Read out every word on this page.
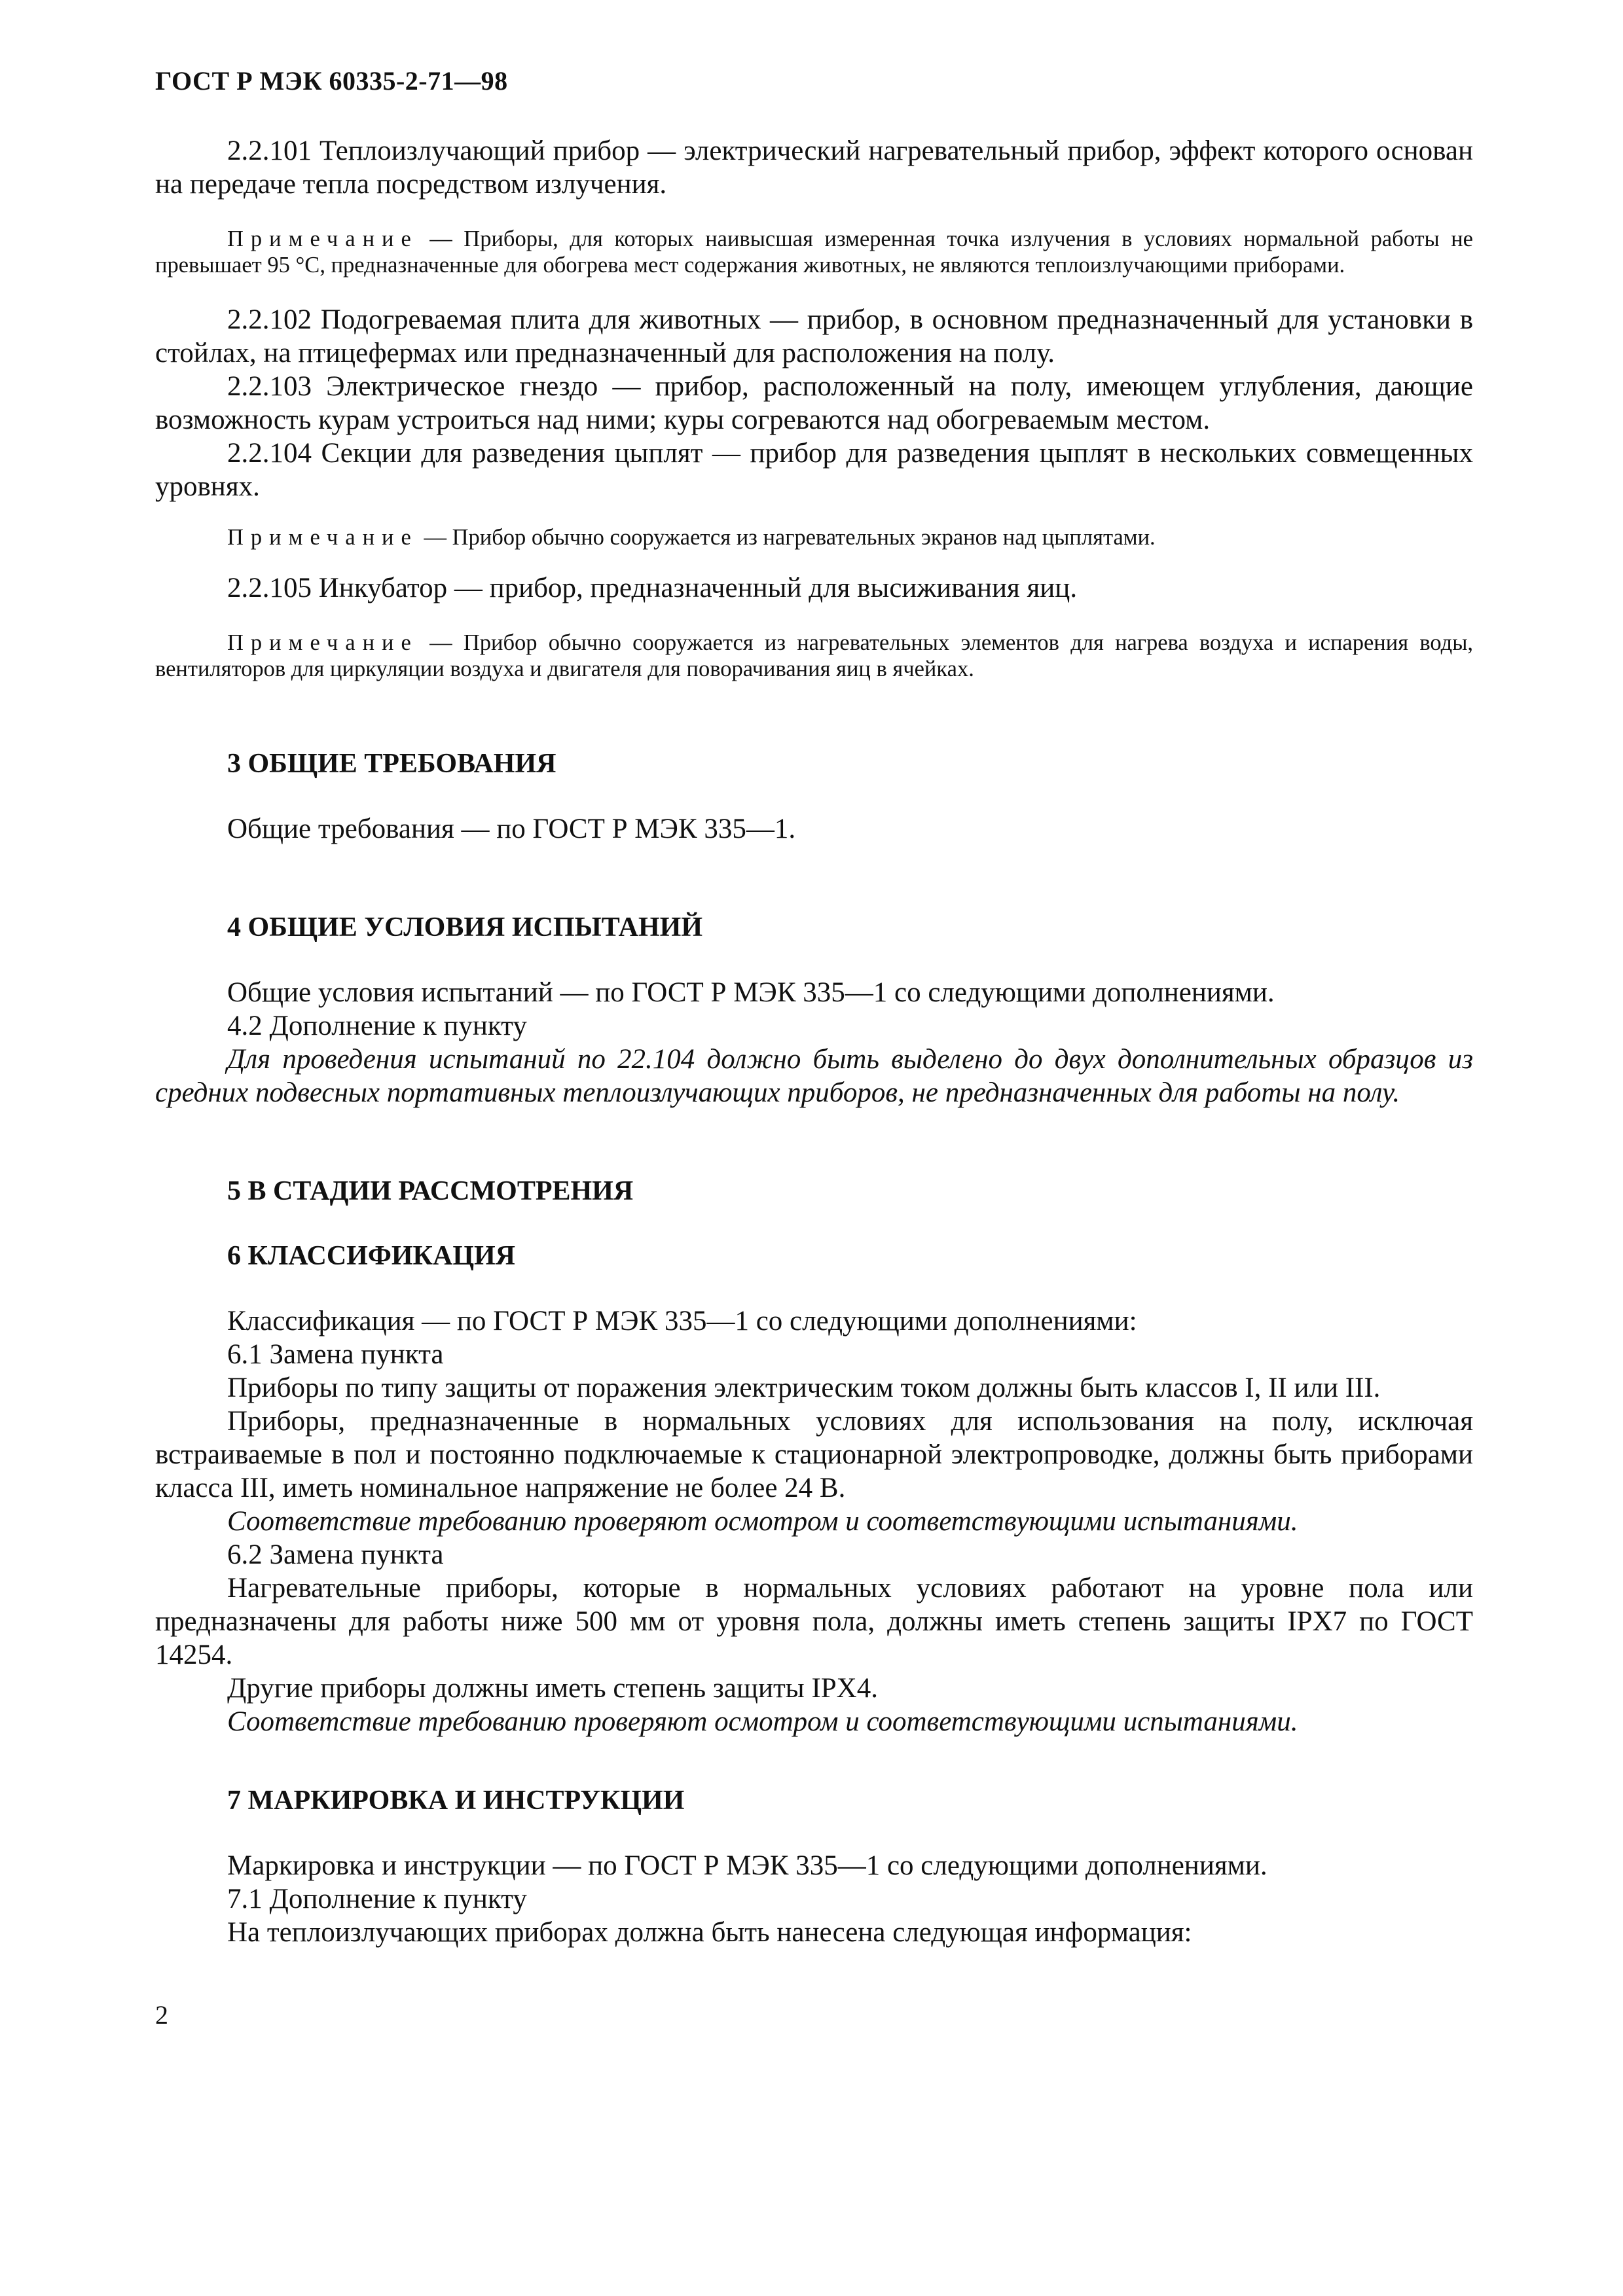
ГОСТ Р МЭК 60335-2-71—98

2.2.101 Теплоизлучающий прибор — электрический нагревательный прибор, эффект которого основан на передаче тепла посредством излучения.

Примечание — Приборы, для которых наивысшая измеренная точка излучения в условиях нормальной работы не превышает 95 °С, предназначенные для обогрева мест содержания животных, не являются теплоизлучающими приборами.

2.2.102 Подогреваемая плита для животных — прибор, в основном предназначенный для установки в стойлах, на птицефермах или предназначенный для расположения на полу.

2.2.103 Электрическое гнездо — прибор, расположенный на полу, имеющем углубления, дающие возможность курам устроиться над ними; куры согреваются над обогреваемым местом.

2.2.104 Секции для разведения цыплят — прибор для разведения цыплят в нескольких совмещенных уровнях.

Примечание — Прибор обычно сооружается из нагревательных экранов над цыплятами.

2.2.105 Инкубатор — прибор, предназначенный для высиживания яиц.

Примечание — Прибор обычно сооружается из нагревательных элементов для нагрева воздуха и испарения воды, вентиляторов для циркуляции воздуха и двигателя для поворачивания яиц в ячейках.

3 ОБЩИЕ ТРЕБОВАНИЯ

Общие требования — по ГОСТ Р МЭК 335—1.

4 ОБЩИЕ УСЛОВИЯ ИСПЫТАНИЙ

Общие условия испытаний — по ГОСТ Р МЭК 335—1 со следующими дополнениями.

4.2 Дополнение к пункту

Для проведения испытаний по 22.104 должно быть выделено до двух дополнительных образцов из средних подвесных портативных теплоизлучающих приборов, не предназначенных для работы на полу.

5 В СТАДИИ РАССМОТРЕНИЯ

6 КЛАССИФИКАЦИЯ

Классификация — по ГОСТ Р МЭК 335—1 со следующими дополнениями:

6.1 Замена пункта

Приборы по типу защиты от поражения электрическим током должны быть классов I, II или III.

Приборы, предназначенные в нормальных условиях для использования на полу, исключая встраиваемые в пол и постоянно подключаемые к стационарной электропроводке, должны быть приборами класса III, иметь номинальное напряжение не более 24 В.

Соответствие требованию проверяют осмотром и соответствующими испытаниями.

6.2 Замена пункта

Нагревательные приборы, которые в нормальных условиях работают на уровне пола или предназначены для работы ниже 500 мм от уровня пола, должны иметь степень защиты IPX7 по ГОСТ 14254.

Другие приборы должны иметь степень защиты IPX4.

Соответствие требованию проверяют осмотром и соответствующими испытаниями.

7 МАРКИРОВКА И ИНСТРУКЦИИ

Маркировка и инструкции — по ГОСТ Р МЭК 335—1 со следующими дополнениями.

7.1 Дополнение к пункту

На теплоизлучающих приборах должна быть нанесена следующая информация:

2
